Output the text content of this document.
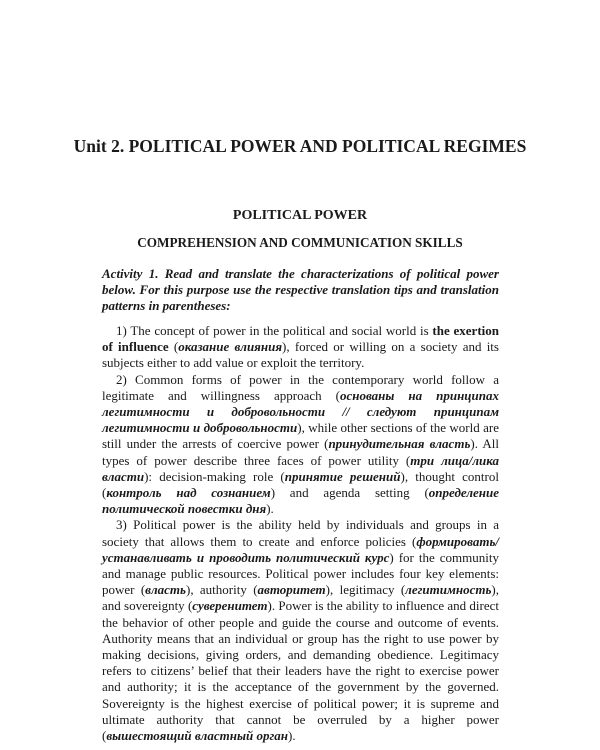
Unit 2. POLITICAL POWER AND POLITICAL REGIMES
POLITICAL POWER
COMPREHENSION AND COMMUNICATION SKILLS
Activity 1. Read and translate the characterizations of political power below. For this purpose use the respective translation tips and translation patterns in parentheses:

1) The concept of power in the political and social world is the exertion of influence (оказание влияния), forced or willing on a society and its subjects either to add value or exploit the territory.

2) Common forms of power in the contemporary world follow a legitimate and willingness approach (основаны на принципах легитимности и добровольности // следуют принципам легитимности и добровольности), while other sections of the world are still under the arrests of coercive power (принудительная власть). All types of power describe three faces of power utility (три лица/лика власти): decision-making role (принятие решений), thought control (контроль над сознанием) and agenda setting (определение политической повестки дня).

3) Political power is the ability held by individuals and groups in a society that allows them to create and enforce policies (формировать/ устанавливать и проводить политический курс) for the community and manage public resources. Political power includes four key elements: power (власть), authority (авторитет), legitimacy (легитимность), and sovereignty (суверенитет). Power is the ability to influence and direct the behavior of other people and guide the course and outcome of events. Authority means that an individual or group has the right to use power by making decisions, giving orders, and demanding obedience. Legitimacy refers to citizens’ belief that their leaders have the right to exercise power and authority; it is the acceptance of the government by the governed. Sovereignty is the highest exercise of political power; it is supreme and ultimate authority that cannot be overruled by a higher power (вышестоящий властный орган).
